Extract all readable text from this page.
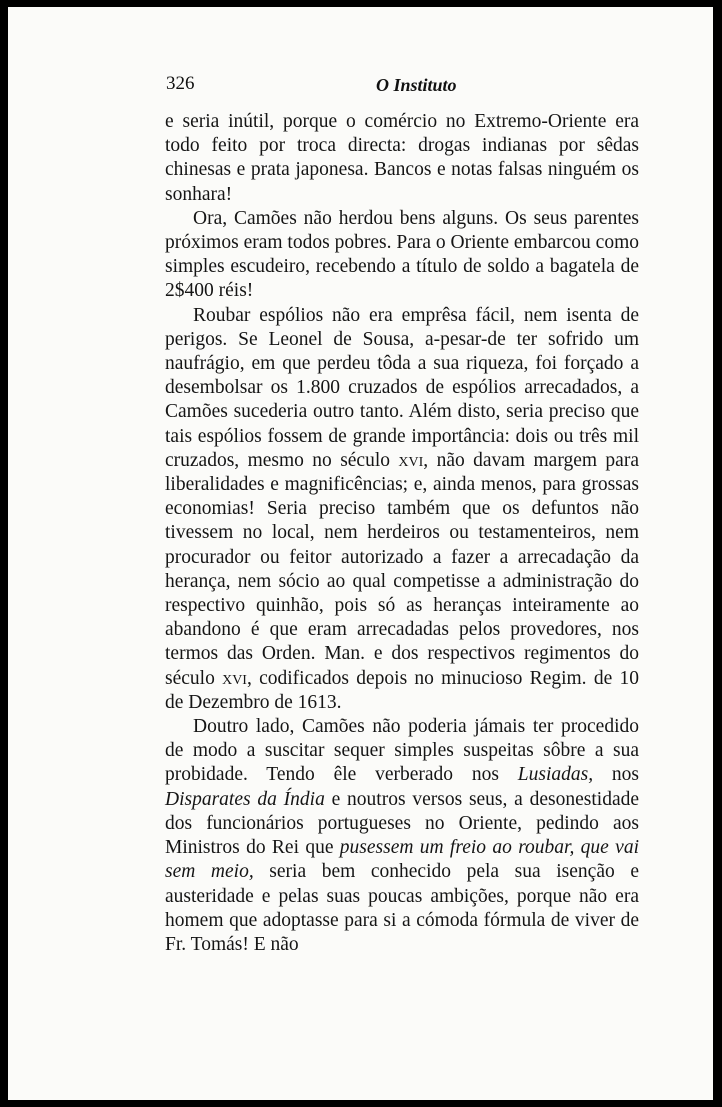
326	O Instituto

e seria inútil, porque o comércio no Extremo-Oriente era todo feito por troca directa: drogas indianas por sêdas chinesas e prata japonesa. Bancos e notas falsas ninguém os sonhara!

Ora, Camões não herdou bens alguns. Os seus parentes próximos eram todos pobres. Para o Oriente embarcou como simples escudeiro, recebendo a título de soldo a bagatela de 2$400 réis!

Roubar espólios não era emprêsa fácil, nem isenta de perigos. Se Leonel de Sousa, a-pesar-de ter sofrido um naufrágio, em que perdeu tôda a sua riqueza, foi forçado a desembolsar os 1.800 cruzados de espólios arrecadados, a Camões sucederia outro tanto. Além disto, seria preciso que tais espólios fossem de grande importância: dois ou três mil cruzados, mesmo no século xvi, não davam margem para liberalidades e magnificências; e, ainda menos, para grossas economias! Seria preciso também que os defuntos não tivessem no local, nem herdeiros ou testamenteiros, nem procurador ou feitor autorizado a fazer a arrecadação da herança, nem sócio ao qual competisse a administração do respectivo quinhão, pois só as heranças inteiramente ao abandono é que eram arrecadadas pelos provedores, nos termos das Orden. Man. e dos respectivos regimentos do século xvi, codificados depois no minucioso Regim. de 10 de Dezembro de 1613.

Doutro lado, Camões não poderia jámais ter procedido de modo a suscitar sequer simples suspeitas sôbre a sua probidade. Tendo êle verberado nos Lusiadas, nos Disparates da Índia e noutros versos seus, a desonestidade dos funcionários portugueses no Oriente, pedindo aos Ministros do Rei que pusessem um freio ao roubar, que vai sem meio, seria bem conhecido pela sua isenção e austeridade e pelas suas poucas ambições, porque não era homem que adoptasse para si a cómoda fórmula de viver de Fr. Tomás! E não
